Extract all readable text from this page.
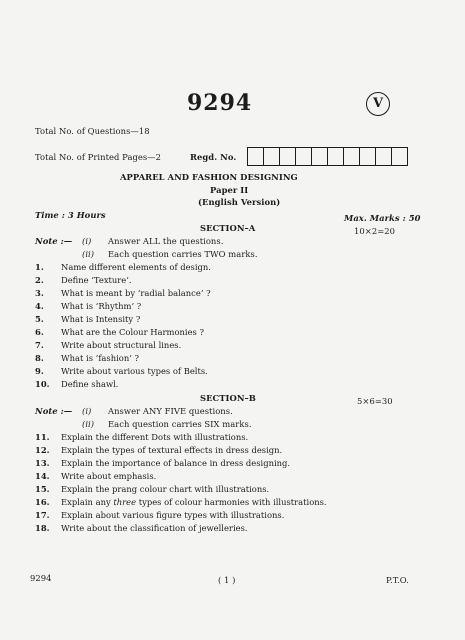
9294	V
Total No. of Questions—18
Total No. of Printed Pages—2	Regd. No.
APPAREL AND FASHION DESIGNING
Paper II
(English Version)
Time : 3 Hours	Max. Marks : 50
SECTION–A	10×2=20
Note :— (i) Answer ALL the questions.
(ii) Each question carries TWO marks.
1. Name different elements of design.
2. Define ‘Texture’.
3. What is meant by ‘radial balance’ ?
4. What is ‘Rhythm’ ?
5. What is Intensity ?
6. What are the Colour Harmonies ?
7. Write about structural lines.
8. What is ‘fashion’ ?
9. Write about various types of Belts.
10. Define shawl.
SECTION–B	5×6=30
Note :— (i) Answer ANY FIVE questions.
(ii) Each question carries SIX marks.
11. Explain the different Dots with illustrations.
12. Explain the types of textural effects in dress design.
13. Explain the importance of balance in dress designing.
14. Write about emphasis.
15. Explain the prang colour chart with illustrations.
16. Explain any three types of colour harmonies with illustrations.
17. Explain about various figure types with illustrations.
18. Write about the classification of jewelleries.
9294	( 1 )	P.T.O.
